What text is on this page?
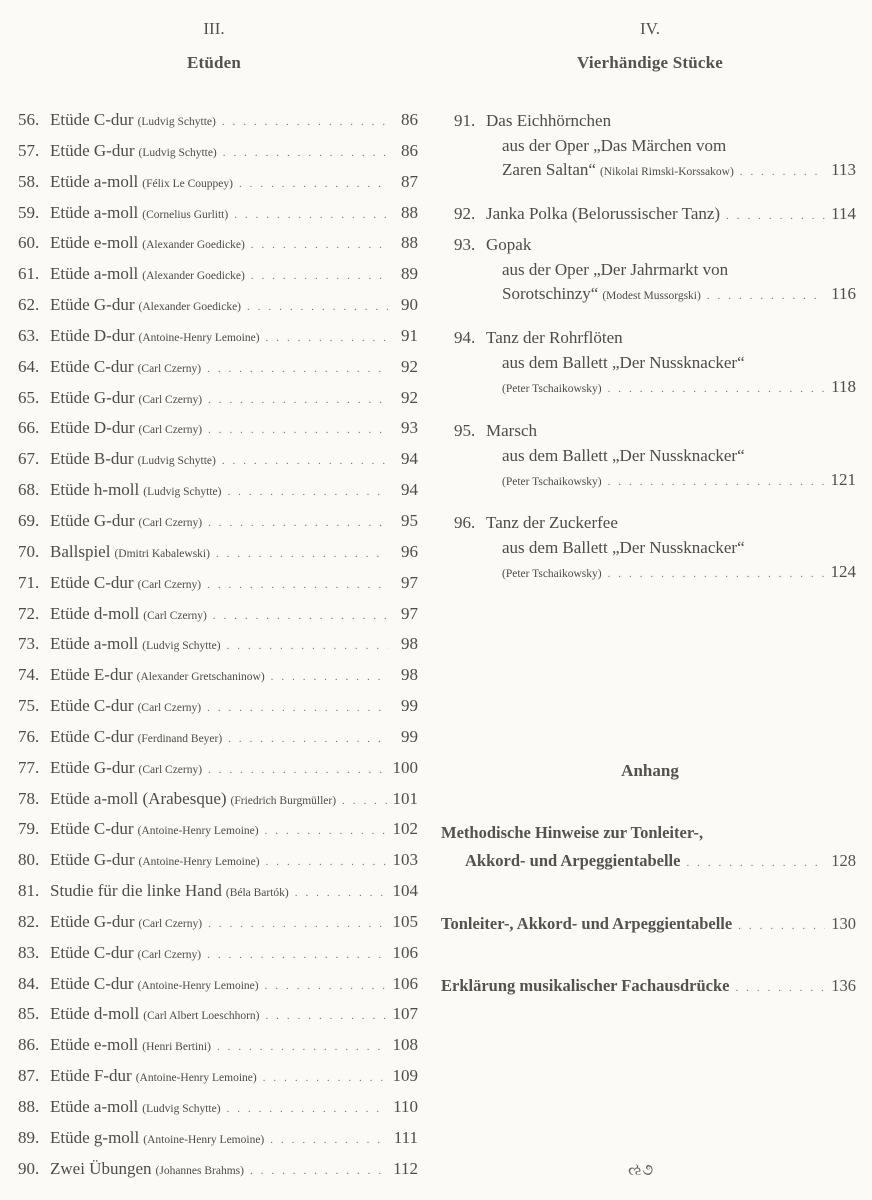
III.
Etüden
IV.
Vierhändige Stücke
56. Etüde C-dur (Ludvig Schytte) . . .	86
57. Etüde G-dur (Ludvig Schytte) . . .	86
58. Etüde a-moll (Félix Le Couppey) . . .	87
59. Etüde a-moll (Cornelius Gurlitt) . . .	88
60. Etüde e-moll (Alexander Goedicke) . . .	88
61. Etüde a-moll (Alexander Goedicke) . . .	89
62. Etüde G-dur (Alexander Goedicke) . . .	90
63. Etüde D-dur (Antoine-Henry Lemoine) . . .	91
64. Etüde C-dur (Carl Czerny) . . .	92
65. Etüde G-dur (Carl Czerny) . . .	92
66. Etüde D-dur (Carl Czerny) . . .	93
67. Etüde B-dur (Ludvig Schytte) . . .	94
68. Etüde h-moll (Ludvig Schytte) . . .	94
69. Etüde G-dur (Carl Czerny) . . .	95
70. Ballspiel (Dmitri Kabalewski) . . .	96
71. Etüde C-dur (Carl Czerny) . . .	97
72. Etüde d-moll (Carl Czerny) . . .	97
73. Etüde a-moll (Ludvig Schytte) . . .	98
74. Etüde E-dur (Alexander Gretschaninow) . . .	98
75. Etüde C-dur (Carl Czerny) . . .	99
76. Etüde C-dur (Ferdinand Beyer) . . .	99
77. Etüde G-dur (Carl Czerny) . . .	100
78. Etüde a-moll (Arabesque) (Friedrich Burgmüller) . . .	101
79. Etüde C-dur (Antoine-Henry Lemoine) . . .	102
80. Etüde G-dur (Antoine-Henry Lemoine) . . .	103
81. Studie für die linke Hand (Béla Bartók) . . .	104
82. Etüde G-dur (Carl Czerny) . . .	105
83. Etüde C-dur (Carl Czerny) . . .	106
84. Etüde C-dur (Antoine-Henry Lemoine) . . .	106
85. Etüde d-moll (Carl Albert Loeschhorn) . . .	107
86. Etüde e-moll (Henri Bertini) . . .	108
87. Etüde F-dur (Antoine-Henry Lemoine) . . .	109
88. Etüde a-moll (Ludvig Schytte) . . .	110
89. Etüde g-moll (Antoine-Henry Lemoine) . . .	111
90. Zwei Übungen (Johannes Brahms) . . .	112
91. Das Eichhörnchen
aus der Oper „Das Märchen vom
Zaren Saltan“ (Nikolai Rimski-Korssakow) . . .	113
92. Janka Polka (Belorussischer Tanz) . . .	114
93. Gopak
aus der Oper „Der Jahrmarkt von
Sorotschinzy“ (Modest Mussorgski) . . .	116
94. Tanz der Rohrflöten
aus dem Ballett „Der Nussknacker“
(Peter Tschaikowsky) . . .	118
95. Marsch
aus dem Ballett „Der Nussknacker“
(Peter Tschaikowsky) . . .	121
96. Tanz der Zuckerfee
aus dem Ballett „Der Nussknacker“
(Peter Tschaikowsky) . . .	124
Anhang
Methodische Hinweise zur Tonleiter-,
Akkord- und Arpeggientabelle . . .	128
Tonleiter-, Akkord- und Arpeggientabelle . . .	130
Erklärung musikalischer Fachausdrücke . . .	136
ઌ૭
